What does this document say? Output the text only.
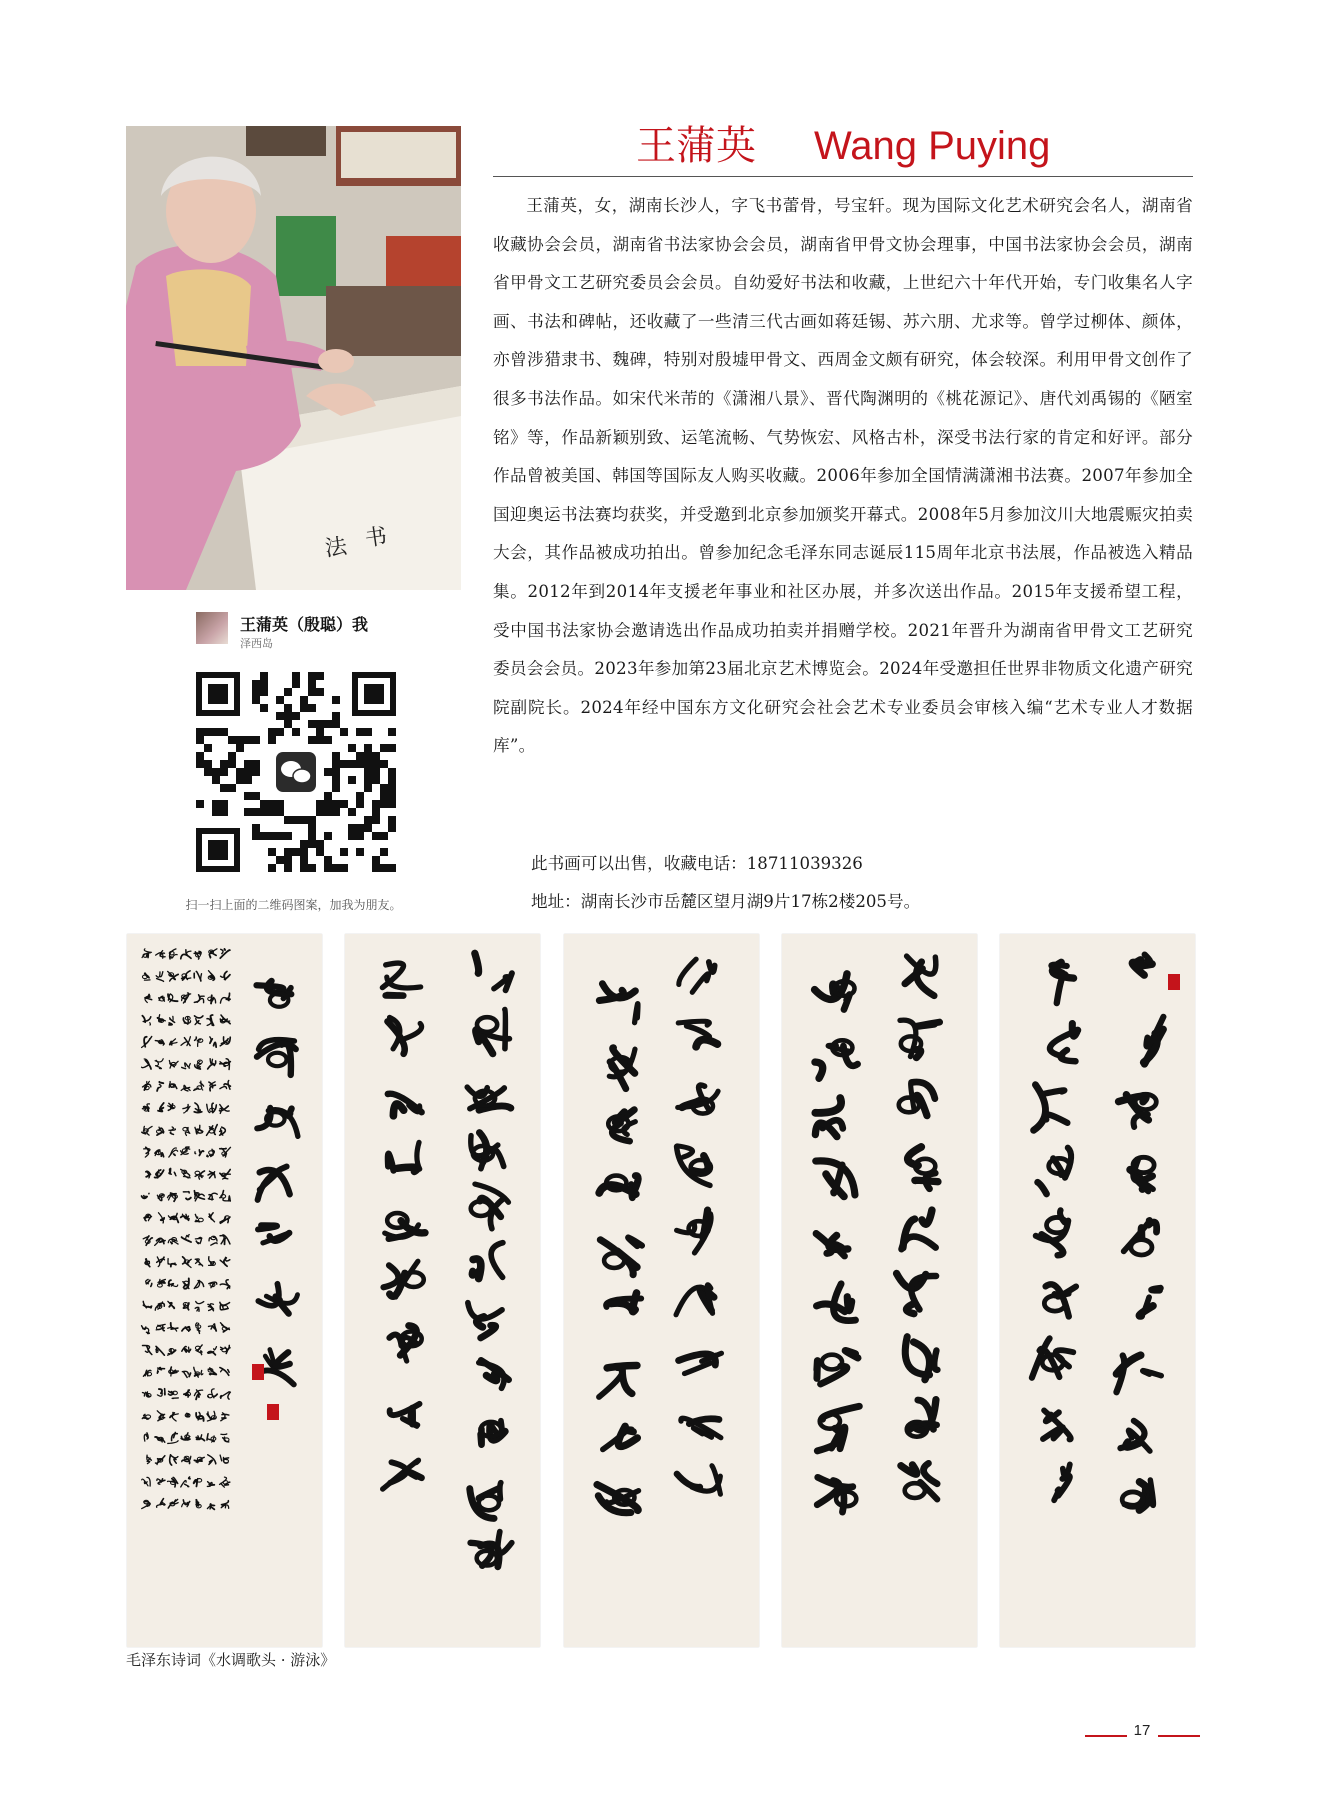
书
法
王蒲英（殷聪）我
泽西岛
扫一扫上面的二维码图案，加我为朋友。
王蒲英 Wang Puying

王蒲英，女，湖南长沙人，字飞书蕾骨，号宝轩。现为国际文化艺术研究会名人，湖南省收藏协会会员，湖南省书法家协会会员，湖南省甲骨文协会理事，中国书法家协会会员，湖南省甲骨文工艺研究委员会会员。自幼爱好书法和收藏，上世纪六十年代开始，专门收集名人字画、书法和碑帖，还收藏了一些清三代古画如蒋廷锡、苏六朋、尤求等。曾学过柳体、颜体，亦曾涉猎隶书、魏碑，特别对殷墟甲骨文、西周金文颇有研究，体会较深。利用甲骨文创作了很多书法作品。如宋代米芾的《潇湘八景》、晋代陶渊明的《桃花源记》、唐代刘禹锡的《陋室铭》等，作品新颖别致、运笔流畅、气势恢宏、风格古朴，深受书法行家的肯定和好评。部分作品曾被美国、韩国等国际友人购买收藏。2006年参加全国情满潇湘书法赛。2007年参加全国迎奥运书法赛均获奖，并受邀到北京参加颁奖开幕式。2008年5月参加汶川大地震赈灾拍卖大会，其作品被成功拍出。曾参加纪念毛泽东同志诞辰115周年北京书法展，作品被选入精品集。2012年到2014年支援老年事业和社区办展，并多次送出作品。2015年支援希望工程，受中国书法家协会邀请选出作品成功拍卖并捐赠学校。2021年晋升为湖南省甲骨文工艺研究委员会会员。2023年参加第23届北京艺术博览会。2024年受邀担任世界非物质文化遗产研究院副院长。2024年经中国东方文化研究会社会艺术专业委员会审核入编“艺术专业人才数据库”。

此书画可以出售，收藏电话：18711039326
地址：湖南长沙市岳麓区望月湖9片17栋2楼205号。
毛泽东诗词《水调歌头 · 游泳》
17
